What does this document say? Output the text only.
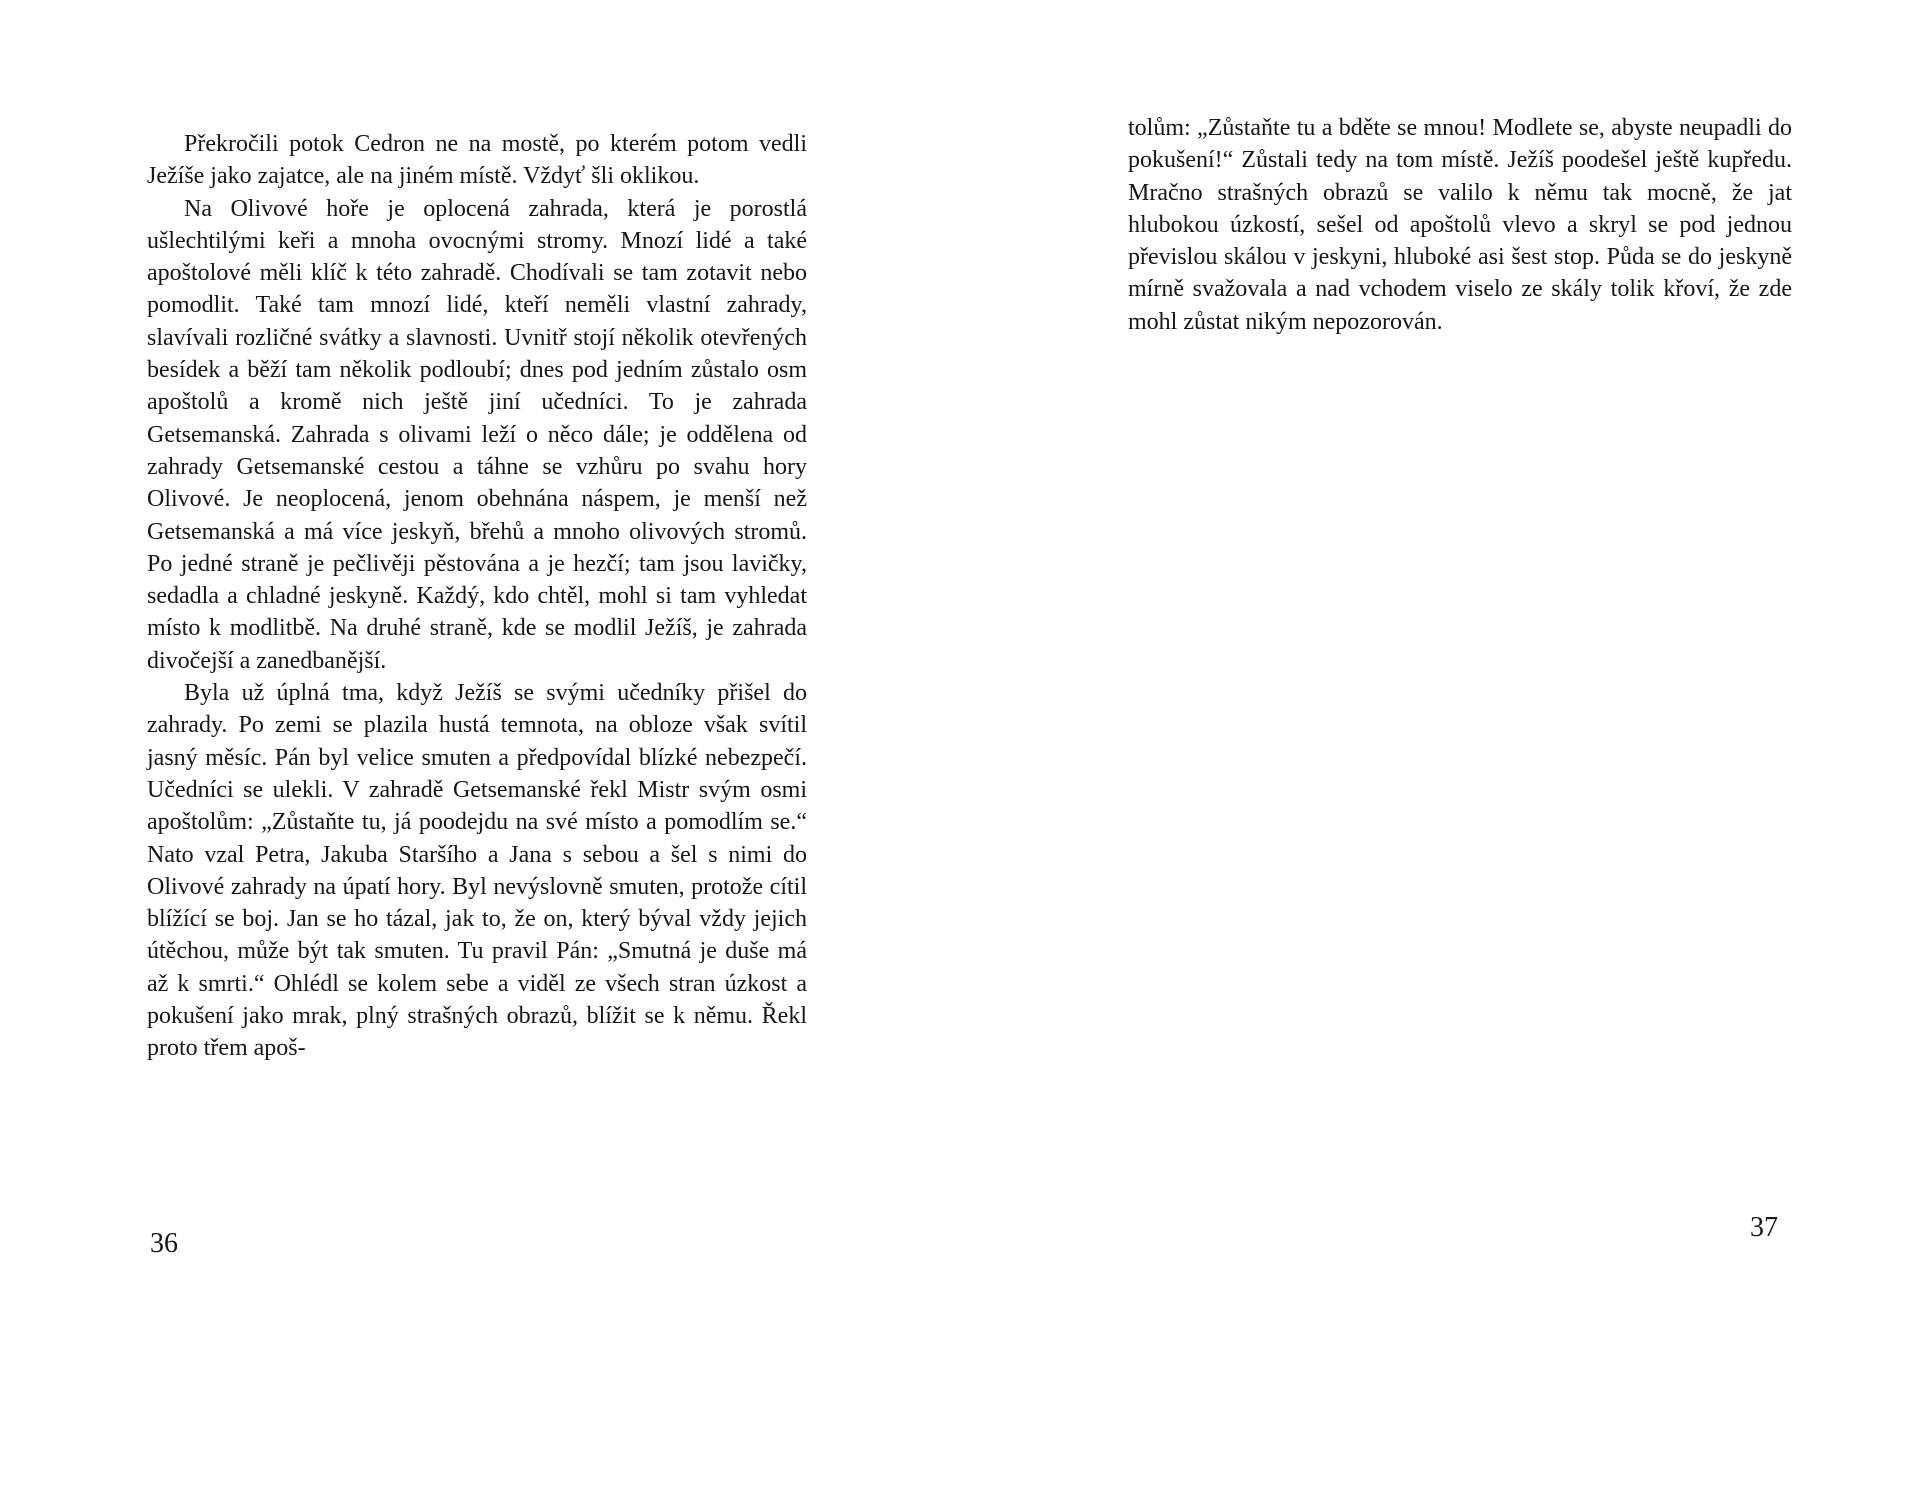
Překročili potok Cedron ne na mostě, po kterém potom vedli Ježíše jako zajatce, ale na jiném místě. Vždyť šli oklikou.

Na Olivové hoře je oplocená zahrada, která je porostlá ušlechtilými keři a mnoha ovocnými stromy. Mnozí lidé a také apoštolové měli klíč k této zahradě. Chodívali se tam zotavit nebo pomodlit. Také tam mnozí lidé, kteří neměli vlastní zahrady, slavívali rozličné svátky a slavnosti. Uvnitř stojí několik otevřených besídek a běží tam několik podloubí; dnes pod jedním zůstalo osm apoštolů a kromě nich ještě jiní učedníci. To je zahrada Getsemanská. Zahrada s olivami leží o něco dále; je oddělena od zahrady Getsemanské cestou a táhne se vzhůru po svahu hory Olivové. Je neoplocená, jenom obehnána náspem, je menší než Getsemanská a má více jeskyň, břehů a mnoho olivových stromů. Po jedné straně je pečlivěji pěstována a je hezčí; tam jsou lavičky, sedadla a chladné jeskyně. Každý, kdo chtěl, mohl si tam vyhledat místo k modlitbě. Na druhé straně, kde se modlil Ježíš, je zahrada divočejší a zanedbanější.

Byla už úplná tma, když Ježíš se svými učedníky přišel do zahrady. Po zemi se plazila hustá temnota, na obloze však svítil jasný měsíc. Pán byl velice smuten a předpovídal blízké nebezpečí. Učedníci se ulekli. V zahradě Getsemanské řekl Mistr svým osmi apoštolům: „Zůstaňte tu, já poodejdu na své místo a pomodlím se.“ Nato vzal Petra, Jakuba Staršího a Jana s sebou a šel s nimi do Olivové zahrady na úpatí hory. Byl nevýslovně smuten, protože cítil blížící se boj. Jan se ho tázal, jak to, že on, který býval vždy jejich útěchou, může být tak smuten. Tu pravil Pán: „Smutná je duše má až k smrti.“ Ohlédl se kolem sebe a viděl ze všech stran úzkost a pokušení jako mrak, plný strašných obrazů, blížit se k němu. Řekl proto třem apoš-

36

tolům: „Zůstaňte tu a bděte se mnou! Modlete se, abyste neupadli do pokušení!“ Zůstali tedy na tom místě. Ježíš poodešel ještě kupředu. Mračno strašných obrazů se valilo k němu tak mocně, že jat hlubokou úzkostí, sešel od apoštolů vlevo a skryl se pod jednou převislou skálou v jeskyni, hluboké asi šest stop. Půda se do jeskyně mírně svažovala a nad vchodem viselo ze skály tolik křoví, že zde mohl zůstat nikým nepozorován.

37
